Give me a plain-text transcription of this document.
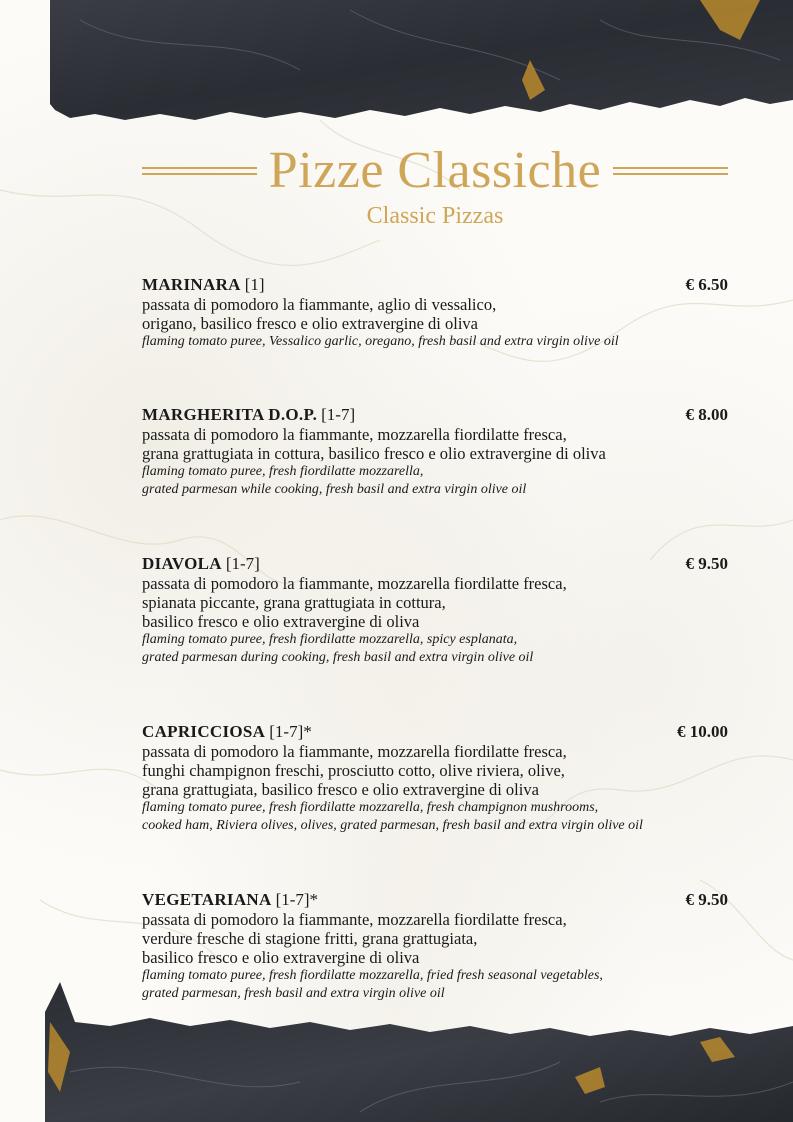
Pizze Classiche
Classic Pizzas
MARINARA [1]	€ 6.50

passata di pomodoro la fiammante, aglio di vessalico,

origano, basilico fresco e olio extravergine di oliva

flaming tomato puree, Vessalico garlic, oregano, fresh basil and extra virgin olive oil

MARGHERITA D.O.P. [1-7]	€ 8.00

passata di pomodoro la fiammante, mozzarella fiordilatte fresca,

grana grattugiata in cottura, basilico fresco e olio extravergine di oliva

flaming tomato puree, fresh fiordilatte mozzarella,

grated parmesan while cooking, fresh basil and extra virgin olive oil

DIAVOLA [1-7]	€ 9.50

passata di pomodoro la fiammante, mozzarella fiordilatte fresca,

spianata piccante, grana grattugiata in cottura,

basilico fresco e olio extravergine di oliva

flaming tomato puree, fresh fiordilatte mozzarella, spicy esplanata,

grated parmesan during cooking, fresh basil and extra virgin olive oil

CAPRICCIOSA [1-7]*	€ 10.00

passata di pomodoro la fiammante, mozzarella fiordilatte fresca,

funghi champignon freschi, prosciutto cotto, olive riviera, olive,

grana grattugiata, basilico fresco e olio extravergine di oliva

flaming tomato puree, fresh fiordilatte mozzarella, fresh champignon mushrooms,

cooked ham, Riviera olives, olives, grated parmesan, fresh basil and extra virgin olive oil

VEGETARIANA [1-7]*	€ 9.50

passata di pomodoro la fiammante, mozzarella fiordilatte fresca,

verdure fresche di stagione fritti, grana grattugiata,

basilico fresco e olio extravergine di oliva

flaming tomato puree, fresh fiordilatte mozzarella, fried fresh seasonal vegetables,

grated parmesan, fresh basil and extra virgin olive oil
